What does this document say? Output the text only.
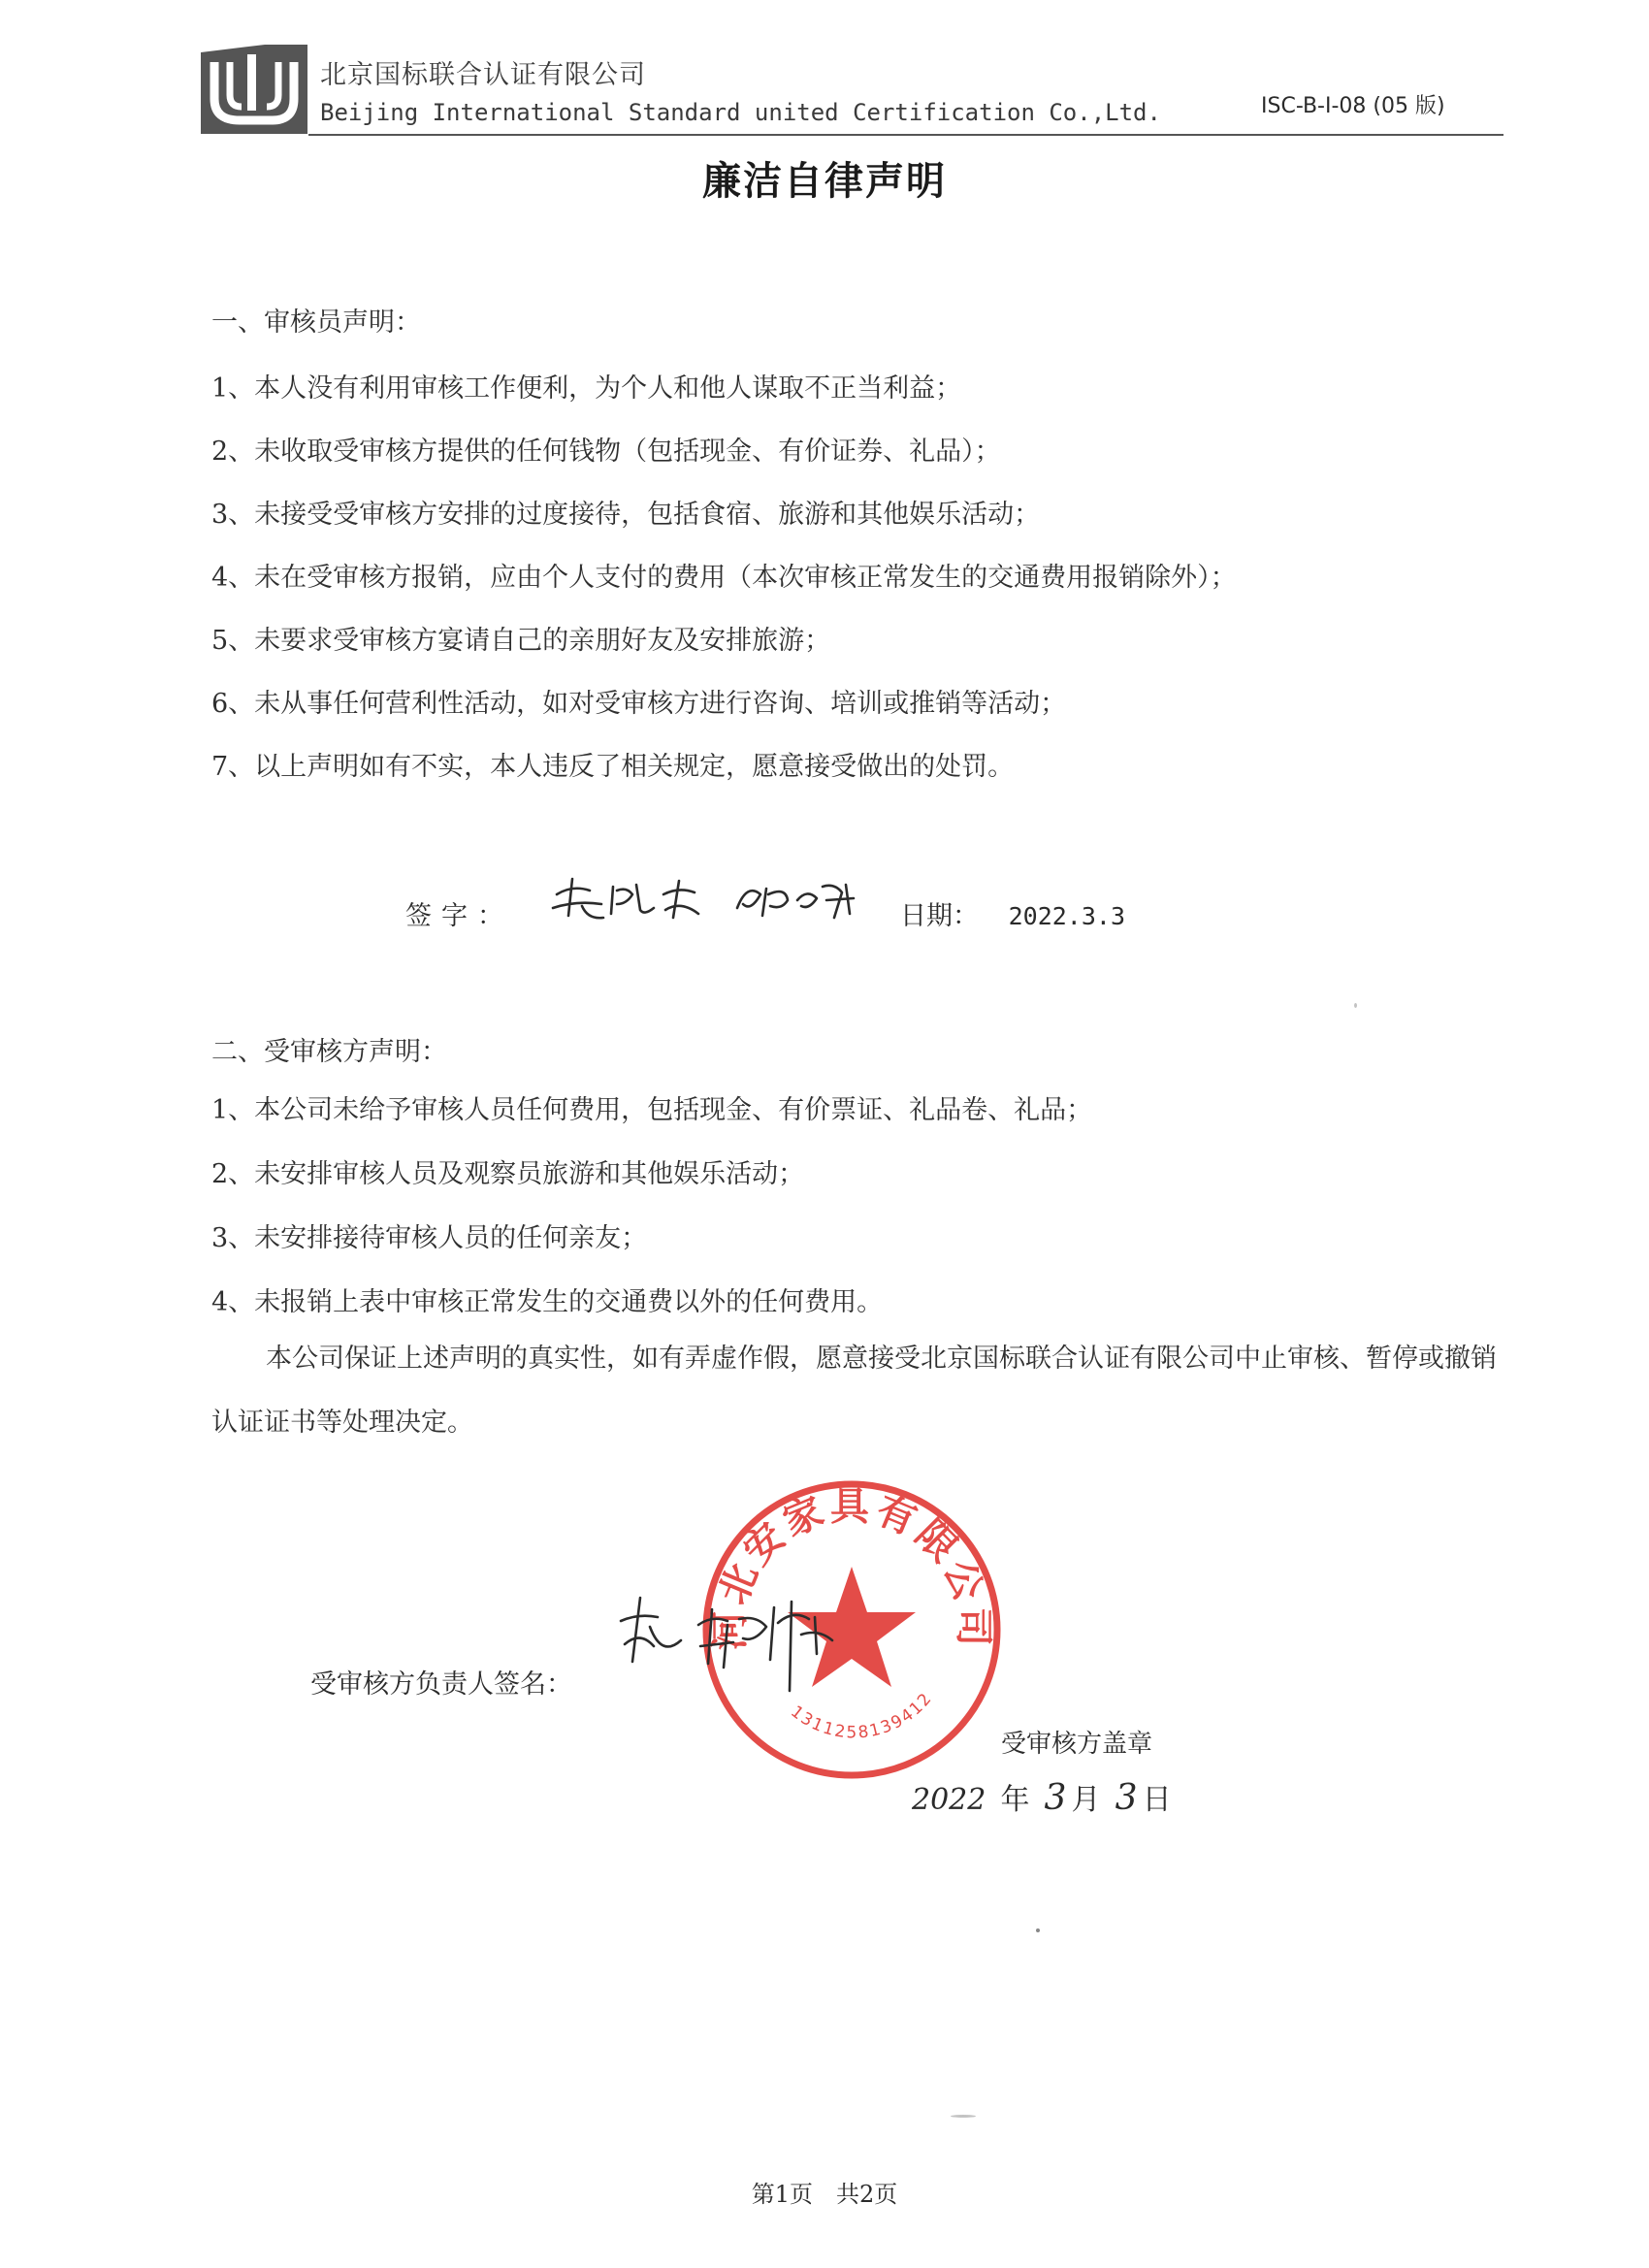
北京国标联合认证有限公司
Beijing International Standard united Certification Co.,Ltd.	ISC-B-I-08 (05 版)
廉洁自律声明
一、审核员声明：
1、本人没有利用审核工作便利，为个人和他人谋取不正当利益；
2、未收取受审核方提供的任何钱物（包括现金、有价证券、礼品）；
3、未接受受审核方安排的过度接待，包括食宿、旅游和其他娱乐活动；
4、未在受审核方报销，应由个人支付的费用（本次审核正常发生的交通费用报销除外）；
5、未要求受审核方宴请自己的亲朋好友及安排旅游；
6、未从事任何营利性活动，如对受审核方进行咨询、培训或推销等活动；
7、以上声明如有不实，本人违反了相关规定，愿意接受做出的处罚。
签字：	日期： 2022.3.3
二、受审核方声明：
1、本公司未给予审核人员任何费用，包括现金、有价票证、礼品卷、礼品；
2、未安排审核人员及观察员旅游和其他娱乐活动；
3、未安排接待审核人员的任何亲友；
4、未报销上表中审核正常发生的交通费以外的任何费用。
本公司保证上述声明的真实性，如有弄虚作假，愿意接受北京国标联合认证有限公司中止审核、暂停或撤销认证证书等处理决定。
受审核方负责人签名：
河北安家具有限公司
1311258139412
受审核方盖章
2022 年 3 月 3 日
第1页　共2页
